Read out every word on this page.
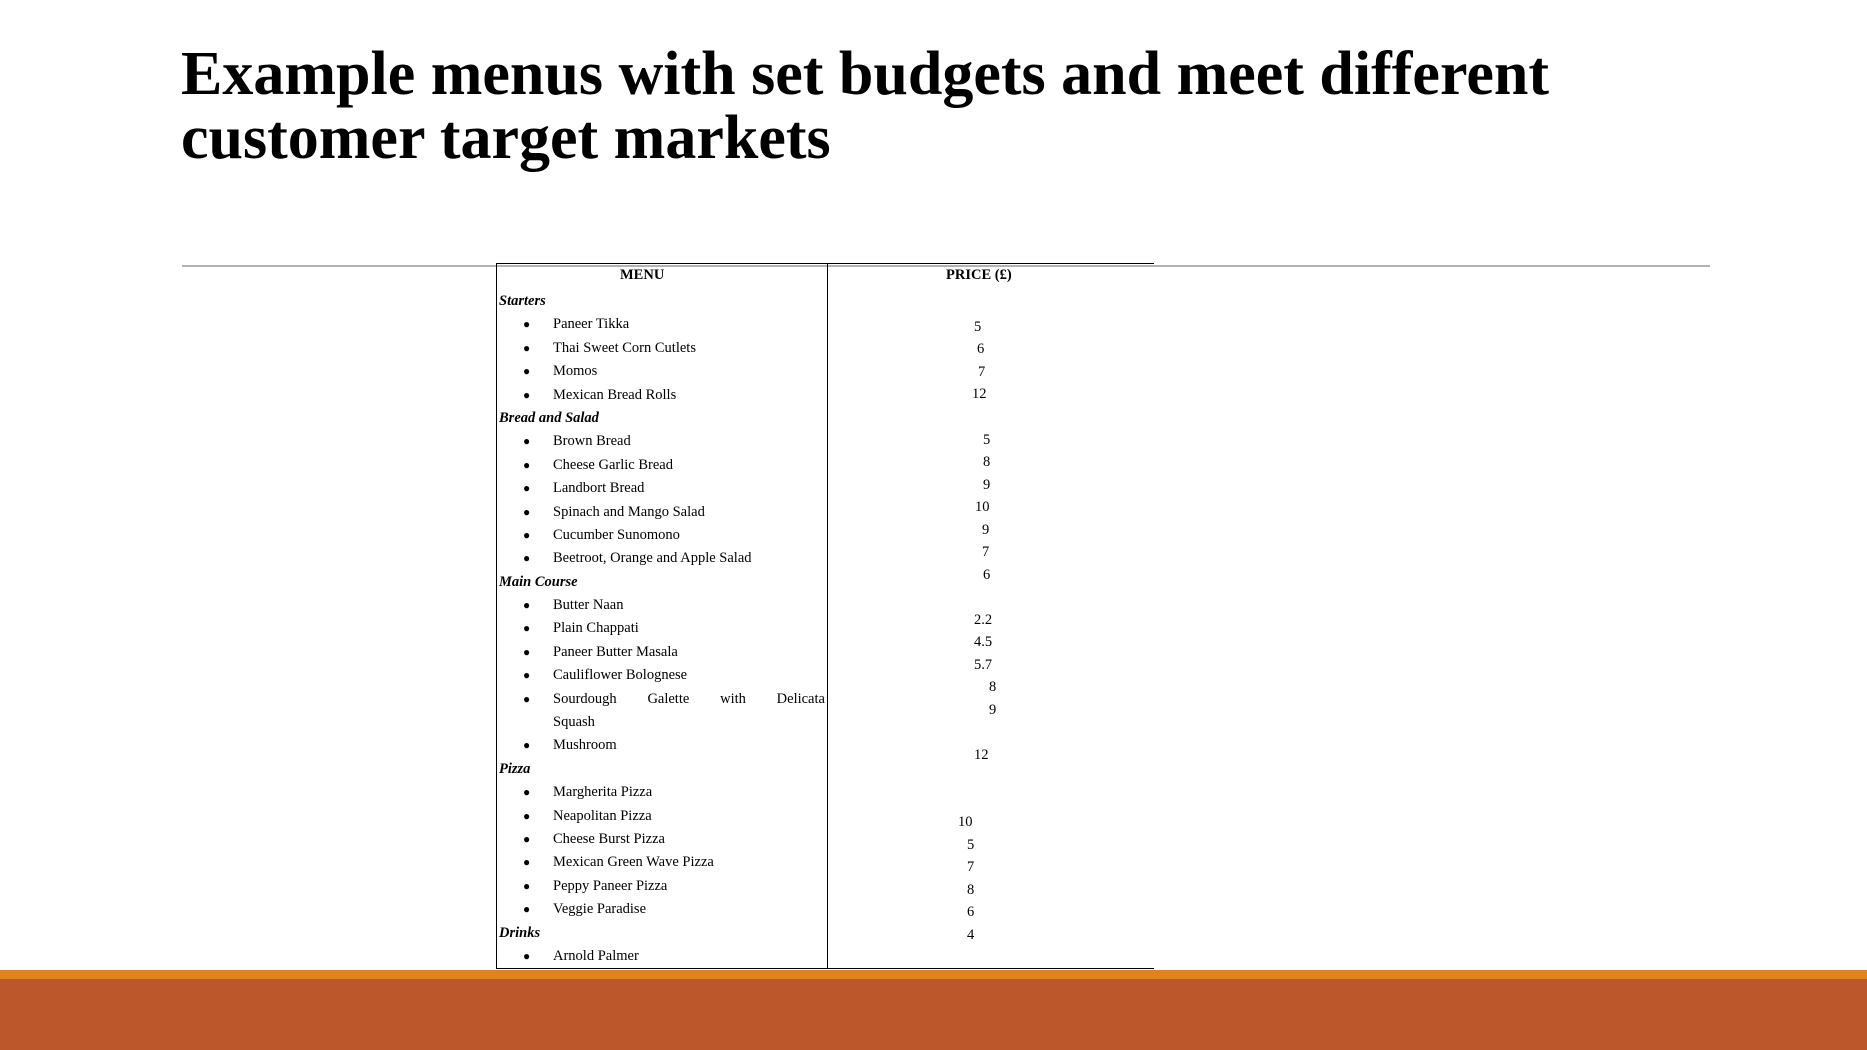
Example menus with set budgets and meet different customer target markets
MENU	PRICE (£)
Starters
● Paneer Tikka
● Thai Sweet Corn Cutlets
● Momos
● Mexican Bread Rolls
Bread and Salad
● Brown Bread
● Cheese Garlic Bread
● Landbort Bread
● Spinach and Mango Salad
● Cucumber Sunomono
● Beetroot, Orange and Apple Salad
Main Course
● Butter Naan
● Plain Chappati
● Paneer Butter Masala
● Cauliflower Bolognese
● Sourdough Galette with Delicata
Squash
● Mushroom
Pizza
● Margherita Pizza
● Neapolitan Pizza
● Cheese Burst Pizza
● Mexican Green Wave Pizza
● Peppy Paneer Pizza
● Veggie Paradise
Drinks
● Arnold Palmer
5
6
7
12
5
8
9
10
9
7
6
2.2
4.5
5.7
8
9
12
10
5
7
8
6
4
